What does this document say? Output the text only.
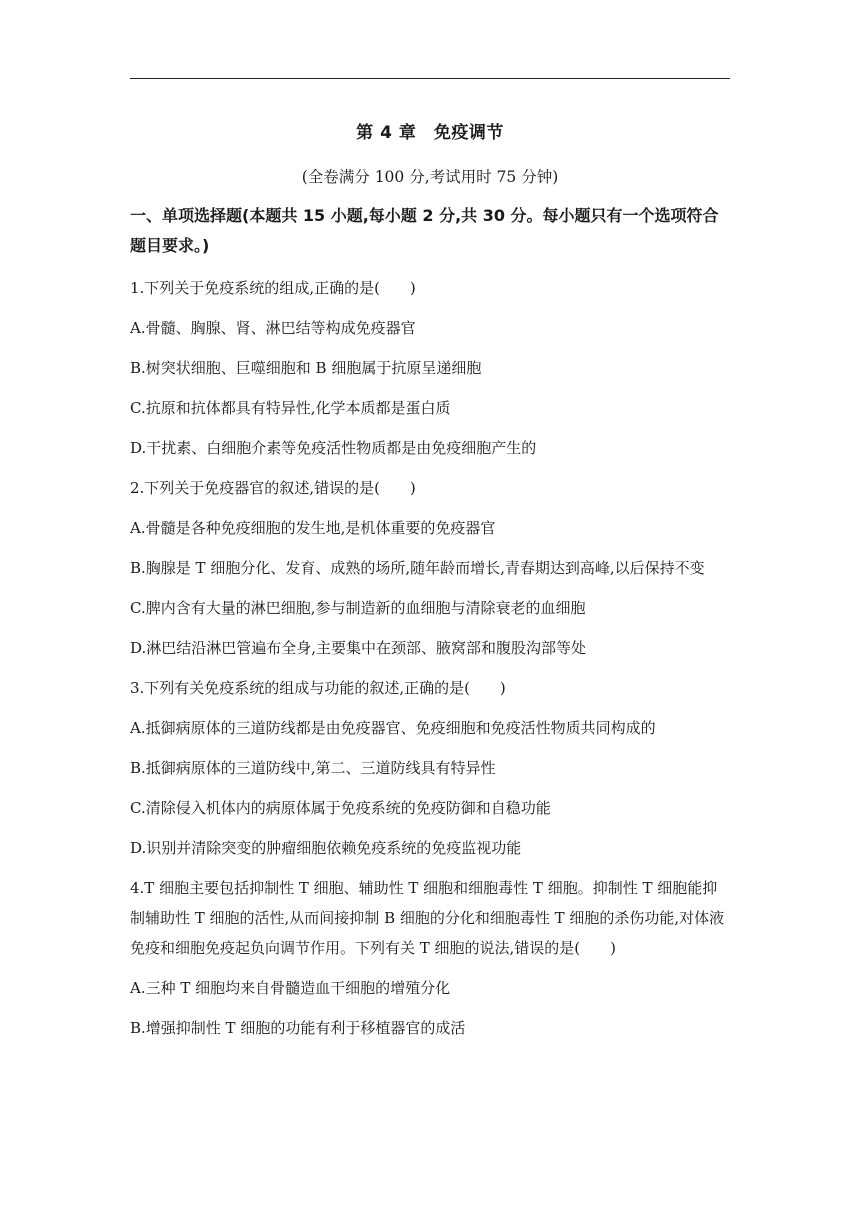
第 4 章　免疫调节
(全卷满分 100 分,考试用时 75 分钟)
一、单项选择题(本题共 15 小题,每小题 2 分,共 30 分。每小题只有一个选项符合题目要求。)
1.下列关于免疫系统的组成,正确的是(　　)
A.骨髓、胸腺、肾、淋巴结等构成免疫器官
B.树突状细胞、巨噬细胞和 B 细胞属于抗原呈递细胞
C.抗原和抗体都具有特异性,化学本质都是蛋白质
D.干扰素、白细胞介素等免疫活性物质都是由免疫细胞产生的
2.下列关于免疫器官的叙述,错误的是(　　)
A.骨髓是各种免疫细胞的发生地,是机体重要的免疫器官
B.胸腺是 T 细胞分化、发育、成熟的场所,随年龄而增长,青春期达到高峰,以后保持不变
C.脾内含有大量的淋巴细胞,参与制造新的血细胞与清除衰老的血细胞
D.淋巴结沿淋巴管遍布全身,主要集中在颈部、腋窝部和腹股沟部等处
3.下列有关免疫系统的组成与功能的叙述,正确的是(　　)
A.抵御病原体的三道防线都是由免疫器官、免疫细胞和免疫活性物质共同构成的
B.抵御病原体的三道防线中,第二、三道防线具有特异性
C.清除侵入机体内的病原体属于免疫系统的免疫防御和自稳功能
D.识别并清除突变的肿瘤细胞依赖免疫系统的免疫监视功能
4.T 细胞主要包括抑制性 T 细胞、辅助性 T 细胞和细胞毒性 T 细胞。抑制性 T 细胞能抑制辅助性 T 细胞的活性,从而间接抑制 B 细胞的分化和细胞毒性 T 细胞的杀伤功能,对体液免疫和细胞免疫起负向调节作用。下列有关 T 细胞的说法,错误的是(　　)
A.三种 T 细胞均来自骨髓造血干细胞的增殖分化
B.增强抑制性 T 细胞的功能有利于移植器官的成活
